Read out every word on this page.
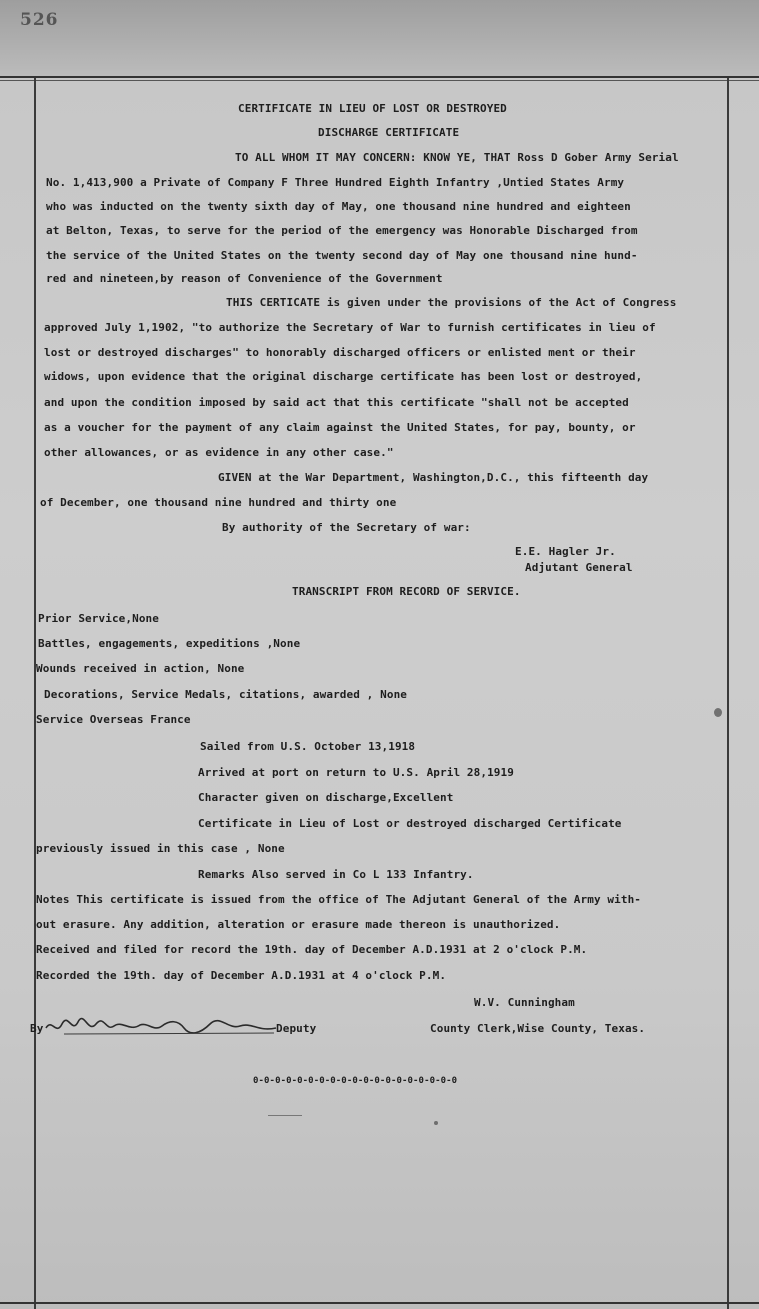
526
CERTIFICATE IN LIEU OF LOST OR DESTROYED
DISCHARGE CERTIFICATE
TO ALL WHOM IT MAY CONCERN: KNOW YE, THAT Ross D Gober Army Serial
No. 1,413,900 a Private of Company F Three Hundred Eighth Infantry ,Untied States Army
who was inducted on the twenty sixth day of May, one thousand nine hundred and eighteen
at Belton, Texas, to serve for the period of the emergency was Honorable Discharged from
the service of the United States on the twenty second day of May one thousand nine hund-
red and nineteen,by reason of Convenience of the Government
THIS CERTICATE is given under the provisions of the Act of Congress
approved July 1,1902, "to authorize the Secretary of War to furnish certificates in lieu of
lost or destroyed discharges" to honorably discharged officers or enlisted ment or their
widows, upon evidence that the original discharge certificate has been lost or destroyed,
and upon the condition imposed by said act that this certificate "shall not be accepted
as a voucher for the payment of any claim against the United States, for pay, bounty, or
other allowances, or as evidence in any other case."
GIVEN at the War Department, Washington,D.C., this fifteenth day
of December, one thousand nine hundred and thirty one
By authority of the Secretary of war:
E.E. Hagler Jr.
Adjutant General
TRANSCRIPT FROM RECORD OF SERVICE.
Prior Service,None
Battles, engagements, expeditions ,None
Wounds received in action, None
Decorations, Service Medals, citations, awarded , None
Service Overseas France
Sailed from U.S. October 13,1918
Arrived at port on return to U.S. April 28,1919
Character given on discharge,Excellent
Certificate in Lieu of Lost or destroyed discharged Certificate
previously issued in this case , None
Remarks Also served in Co L 133 Infantry.
Notes This certificate is issued from the office of The Adjutant General of the Army with-
out erasure. Any addition, alteration or erasure made thereon is unauthorized.
Received and filed for record the 19th. day of December A.D.1931 at 2 o'clock P.M.
Recorded the 19th. day of December A.D.1931 at 4 o'clock P.M.
W.V. Cunningham
By	Deputy	County Clerk,Wise County, Texas.
0-0-0-0-0-0-0-0-0-0-0-0-0-0-0-0-0-0-0
